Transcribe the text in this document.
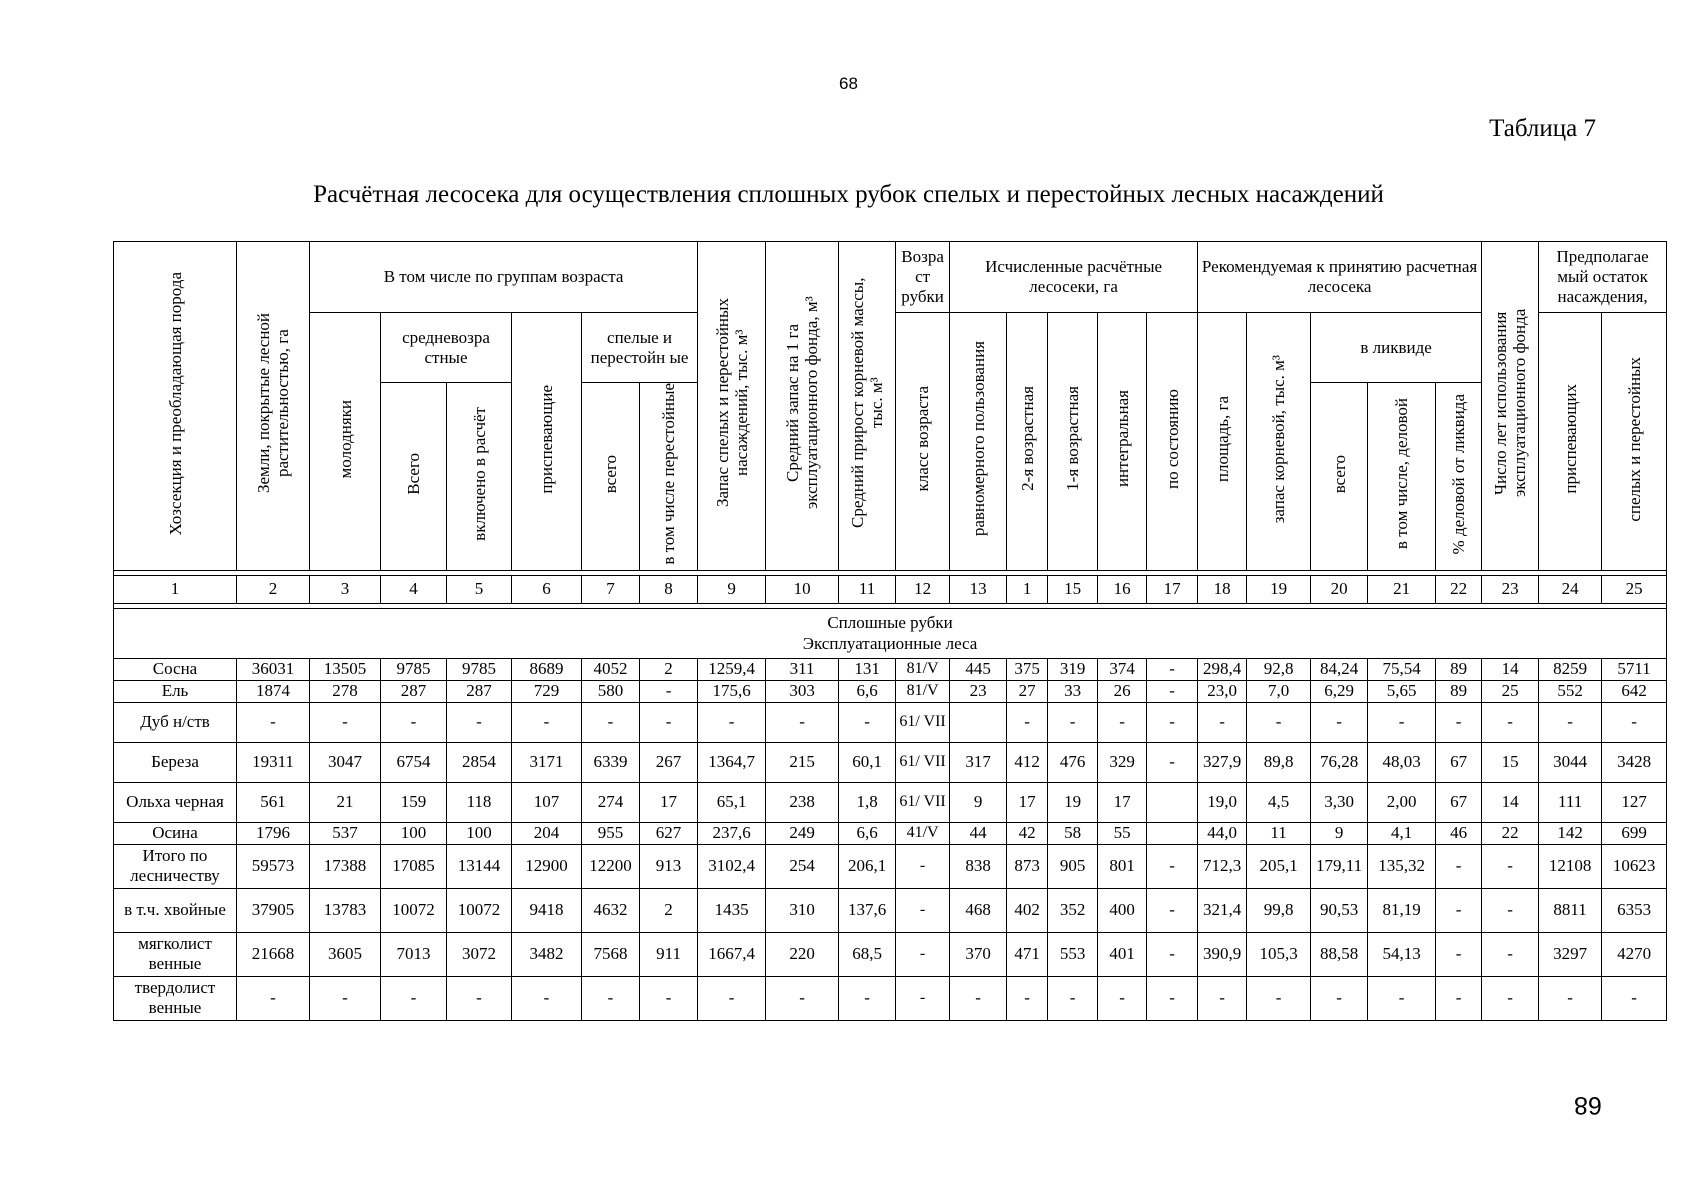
68
Таблица 7
Расчётная лесосека для осуществления сплошных рубок спелых и перестойных лесных насаждений
Хозсекция и преобладающая порода	Земли, покрытые лесной растительностью, га	В том числе по группам возраста						Запас спелых и перестойных насаждений, тыс. м³	Средний запас на 1 га эксплуатационного фонда, м³	Средний прирост корневой массы, тыс. м³	Возра ст рубки	Исчисленные расчётные лесосеки, га					Рекомендуемая к принятию расчетная лесосека					Число лет использования эксплуатационного фонда	Предполагае мый остаток насаждения,	
		молодняки	средневозра стные		приспевающие	спелые и перестойн ые					класс возраста	равномерного пользования	2-я возрастная	1-я возрастная	интегральная	по состоянию	площадь, га	запас корневой, тыс. м³	в ликвиде				приспевающих	спелых и перестойных
			Всего	включено в расчёт		всего	в том числе перестойные												всего	в том числе, деловой	% деловой от ликвида			

1	2	3	4	5	6	7	8	9	10	11	12	13	1	15	16	17	18	19	20	21	22	23	24	25

Сплошные рубки
Эксплуатационные леса																								

Сосна	36031	13505	9785	9785	8689	4052	2	1259,4	311	131	81/V	445	375	319	374	-	298,4	92,8	84,24	75,54	89	14	8259	5711
Ель	1874	278	287	287	729	580	-	175,6	303	6,6	81/V	23	27	33	26	-	23,0	7,0	6,29	5,65	89	25	552	642
Дуб н/ств	-	-	-	-	-	-	-	-	-	-	61/ VII		-	-	-	-	-	-	-	-	-	-	-	-
Береза	19311	3047	6754	2854	3171	6339	267	1364,7	215	60,1	61/ VII	317	412	476	329	-	327,9	89,8	76,28	48,03	67	15	3044	3428
Ольха черная	561	21	159	118	107	274	17	65,1	238	1,8	61/ VII	9	17	19	17		19,0	4,5	3,30	2,00	67	14	111	127
Осина	1796	537	100	100	204	955	627	237,6	249	6,6	41/V	44	42	58	55		44,0	11	9	4,1	46	22	142	699
Итого по лесничеству	59573	17388	17085	13144	12900	12200	913	3102,4	254	206,1	-	838	873	905	801	-	712,3	205,1	179,11	135,32	-	-	12108	10623
в т.ч. хвойные	37905	13783	10072	10072	9418	4632	2	1435	310	137,6	-	468	402	352	400	-	321,4	99,8	90,53	81,19	-	-	8811	6353
мягколист венные	21668	3605	7013	3072	3482	7568	911	1667,4	220	68,5	-	370	471	553	401	-	390,9	105,3	88,58	54,13	-	-	3297	4270
твердолист венные	-	-	-	-	-	-	-	-	-	-	-	-	-	-	-	-	-	-	-	-	-	-	-	-
68
